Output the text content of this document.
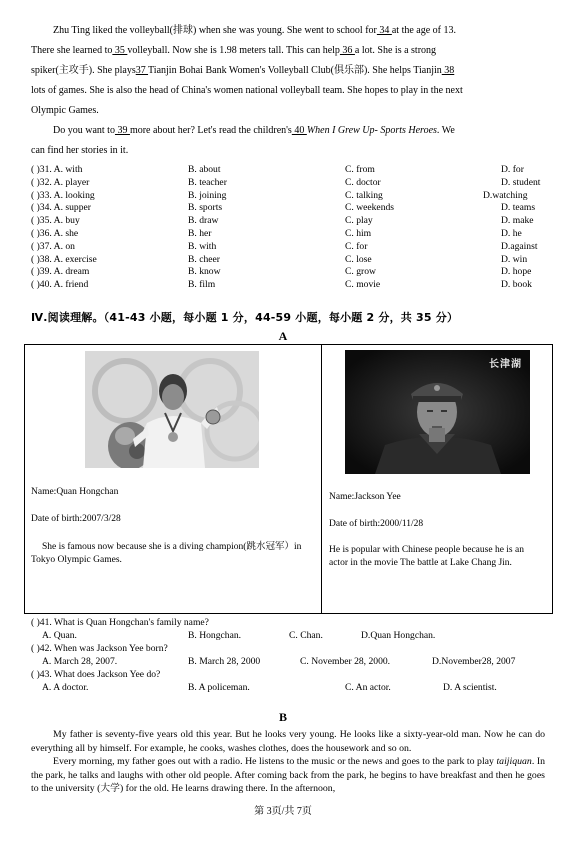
Zhu Ting liked the volleyball(排球) when she was young. She went to school for 34 at the age of 13.

There she learned to 35 volleyball. Now she is 1.98 meters tall. This can help 36 a lot. She is a strong

spiker(主攻手). She plays37 Tianjin Bohai Bank Women's Volleyball Club(俱乐部). She helps Tianjin 38

lots of games. She is also the head of China's women national volleyball team. She hopes to play in the next

Olympic Games.

Do you want to 39 more about her? Let's read the children's 40 When I Grew Up- Sports Heroes. We

can find her stories in it.

( )31. A. with	B. about	C. from	D. for
( )32. A. player	B. teacher	C. doctor	D. student
( )33. A. looking	B. joining	C. talking	D.watching
( )34. A. supper	B. sports	C. weekends	D. teams
( )35. A. buy	B. draw	C. play	D. make
( )36. A. she	B. her	C. him	D. he
( )37. A. on	B. with	C. for	D.against
( )38. A. exercise	B. cheer	C. lose	D. win
( )39. A. dream	B. know	C. grow	D. hope
( )40. A. friend	B. film	C. movie	D. book
Ⅳ.阅读理解。（41-43 小题，每小题 1 分，44-59 小题，每小题 2 分，共 35 分）
A
Name:Quan Hongchan
Date of birth:2007/3/28
She is famous now because she is a diving champion(跳水冠军）in Tokyo Olympic Games.
长津湖
Name:Jackson Yee
Date of birth:2000/11/28
He is popular with Chinese people because he is an actor in the movie The battle at Lake Chang Jin.
( )41. What is Quan Hongchan's family name?
A. Quan.	B. Hongchan.	C. Chan.	D.Quan Hongchan.
( )42. When was Jackson Yee born?
A. March 28, 2007.	B. March 28, 2000	C. November 28, 2000.	D.November28, 2007
( )43. What does Jackson Yee do?
A. A doctor.	B. A policeman.	C. An actor.	D. A scientist.
B

My father is seventy-five years old this year. But he looks very young. He looks like a sixty-year-old man. Now he can do everything all by himself. For example, he cooks, washes clothes, does the housework and so on.

Every morning, my father goes out with a radio. He listens to the music or the news and goes to the park to play taijiquan. In the park, he talks and laughs with other old people. After coming back from the park, he begins to have breakfast and then he goes to the university (大学) for the old. He learns drawing there. In the afternoon,

第 3页/共 7页
